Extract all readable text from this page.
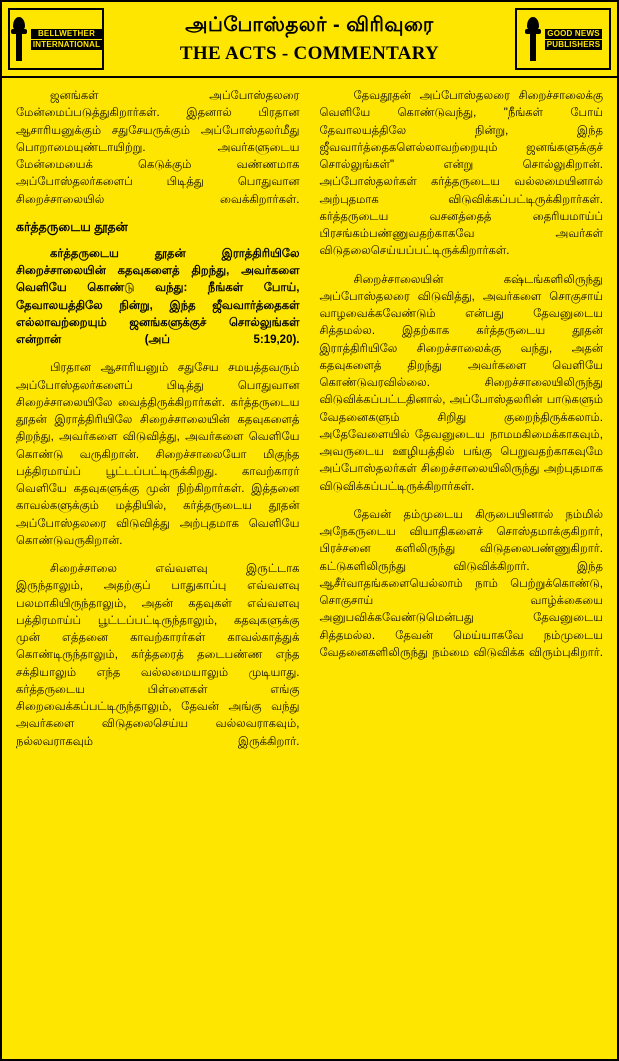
BELLWETHER
INTERNATIONAL
அப்போஸ்தலர் - விரிவுரை
THE ACTS - COMMENTARY
GOOD NEWS
PUBLISHERS

ஜனங்கள் அப்போஸ்தலரை மேன்மைப்படுத்துகிறார்கள். இதனால் பிரதான ஆசாரியனுக்கும் சதுசேயருக்கும் அப்போஸ்தலர்மீது பொறாமையுண்டாயிற்று. அவர்களுடைய மேன்மையைக் கெடுக்கும் வண்ணமாக அப்போஸ்தலர்களைப் பிடித்து பொதுவான சிறைச்சாலையில் வைக்கிறார்கள்.

கர்த்தருடைய தூதன்

கர்த்தருடைய தூதன் இராத்திரியிலே சிறைச்சாலையின் கதவுகளைத் திறந்து, அவர்களை வெளியே கொண்டு வந்து: நீங்கள் போய், தேவாலயத்திலே நின்று, இந்த ஜீவவார்த்தைகள் எல்லாவற்றையும் ஜனங்களுக்குச் சொல்லுங்கள் என்றான் (அப் 5:19,20).

பிரதான ஆசாரியனும் சதுசேய சமயத்தவரும் அப்போஸ்தலர்களைப் பிடித்து பொதுவான சிறைச்சாலையிலே வைத்திருக்கிறார்கள். கர்த்தருடைய தூதன் இராத்திரியிலே சிறைச்சாலையின் கதவுகளைத் திறந்து, அவர்களை விடுவித்து, அவர்களை வெளியே கொண்டு வருகிறான். சிறைச்சாலையோ மிகுந்த பத்திரமாய்ப் பூட்டப்பட்டிருக்கிறது. காவற்காரர் வெளியே கதவுகளுக்கு முன் நிற்கிறார்கள். இத்தனை காவல்களுக்கும் மத்தியில், கர்த்தருடைய தூதன் அப்போஸ்தலரை விடுவித்து அற்புதமாக வெளியே கொண்டுவருகிறான்.

சிறைச்சாலை எவ்வளவு இருட்டாக இருந்தாலும், அதற்குப் பாதுகாப்பு எவ்வளவு பலமாகியிருந்தாலும், அதன் கதவுகள் எவ்வளவு பத்திரமாய்ப் பூட்டப்பட்டிருந்தாலும், கதவுகளுக்கு முன் எத்தனை காவற்காரர்கள் காவல்காத்துக் கொண்டிருந்தாலும், கர்த்தரைத் தடைபண்ண எந்த சக்தியாலும் எந்த வல்லமையாலும் முடியாது. கர்த்தருடைய பிள்ளைகள் எங்கு சிறைவைக்கப்பட்டிருந்தாலும், தேவன் அங்கு வந்து அவர்களை விடுதலைசெய்ய வல்லவராகவும், நல்லவராகவும் இருக்கிறார்.

தேவதூதன் அப்போஸ்தலரை சிறைச்சாலைக்கு வெளியே கொண்டுவந்து, "நீங்கள் போய் தேவாலயத்திலே நின்று, இந்த ஜீவவார்த்தைகளெல்லாவற்றையும் ஜனங்களுக்குச் சொல்லுங்கள்" என்று சொல்லுகிறான். அப்போஸ்தலர்கள் கர்த்தருடைய வல்லமையினால் அற்புதமாக விடுவிக்கப்பட்டிருக்கிறார்கள். கர்த்தருடைய வசனத்தைத் தைரியமாய்ப் பிரசங்கம்பண்ணுவதற்காகவே அவர்கள் விடுதலைசெய்யப்பட்டிருக்கிறார்கள்.

சிறைச்சாலையின் கஷ்டங்களிலிருந்து அப்போஸ்தலரை விடுவித்து, அவர்களை சொகுசாய் வாழவைக்கவேண்டும் என்பது தேவனுடைய சித்தமல்ல. இதற்காக கர்த்தருடைய தூதன் இராத்திரியிலே சிறைச்சாலைக்கு வந்து, அதன் கதவுகளைத் திறந்து அவர்களை வெளியே கொண்டுவரவில்லை. சிறைச்சாலையிலிருந்து விடுவிக்கப்பட்டதினால், அப்போஸ்தலரின் பாடுகளும் வேதனைகளும் சிறிது குறைந்திருக்கலாம். அதேவேளையில் தேவனுடைய நாமமகிமைக்காகவும், அவருடைய ஊழியத்தில் பங்கு பெறுவதற்காகவுமே அப்போஸ்தலர்கள் சிறைச்சாலையிலிருந்து அற்புதமாக விடுவிக்கப்பட்டிருக்கிறார்கள்.

தேவன் தம்முடைய கிருபையினால் நம்மில் அநேகருடைய வியாதிகளைச் சொஸ்தமாக்குகிறார், பிரச்சனை களிலிருந்து விடுதலைபண்ணுகிறார். கட்டுகளிலிருந்து விடுவிக்கிறார். இந்த ஆசீர்வாதங்களையெல்லாம் நாம் பெற்றுக்கொண்டு, சொகுசாய் வாழ்க்கையை அனுபவிக்கவேண்டுமென்பது தேவனுடைய சித்தமல்ல. தேவன் மெய்யாகவே நம்முடைய வேதனைகளிலிருந்து நம்மை விடுவிக்க விரும்புகிறார்.
